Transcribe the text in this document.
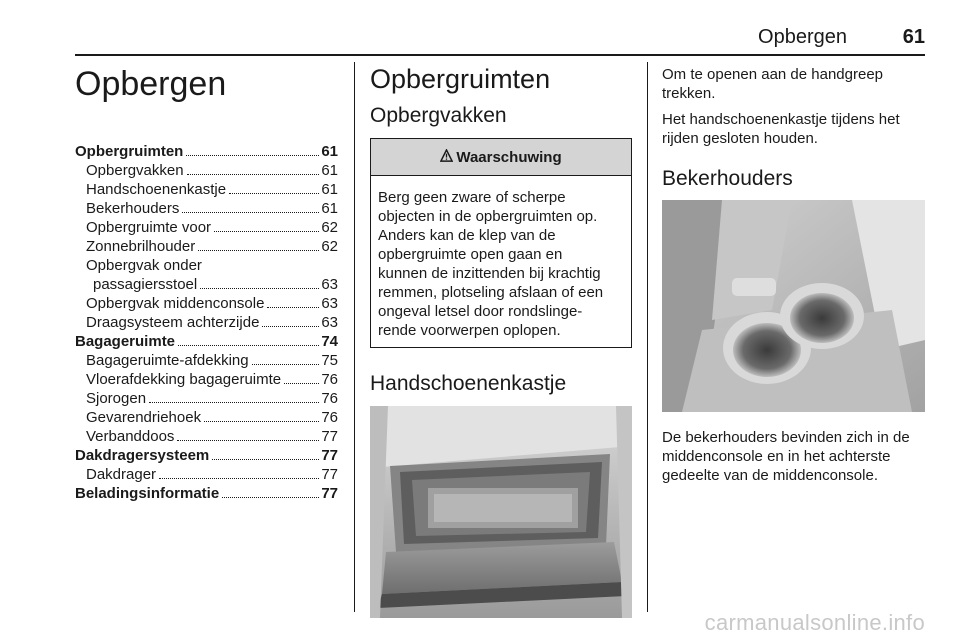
Opbergen	61
Opbergen
Opbergruimten	61
Opbergvakken	61
Handschoenenkastje	61
Bekerhouders	61
Opbergruimte voor	62
Zonnebrilhouder	62
Opbergvak onder
passagiersstoel	63
Opbergvak middenconsole	63
Draagsysteem achterzijde	63
Bagageruimte	74
Bagageruimte-afdekking	75
Vloerafdekking bagageruimte	76
Sjorogen	76
Gevarendriehoek	76
Verbanddoos	77
Dakdragersysteem	77
Dakdrager	77
Beladingsinformatie	77
Opbergruimten
Opbergvakken
Waarschuwing
Berg geen zware of scherpe
objecten in de opbergruimten op.
Anders kan de klep van de
opbergruimte open gaan en
kunnen de inzittenden bij krachtig
remmen, plotseling afslaan of een
ongeval letsel door rondslinge-
rende voorwerpen oplopen.
Handschoenenkastje
Om te openen aan de handgreep
trekken.
Het handschoenenkastje tijdens het
rijden gesloten houden.
Bekerhouders
De bekerhouders bevinden zich in de
middenconsole en in het achterste
gedeelte van de middenconsole.
carmanualsonline.info
